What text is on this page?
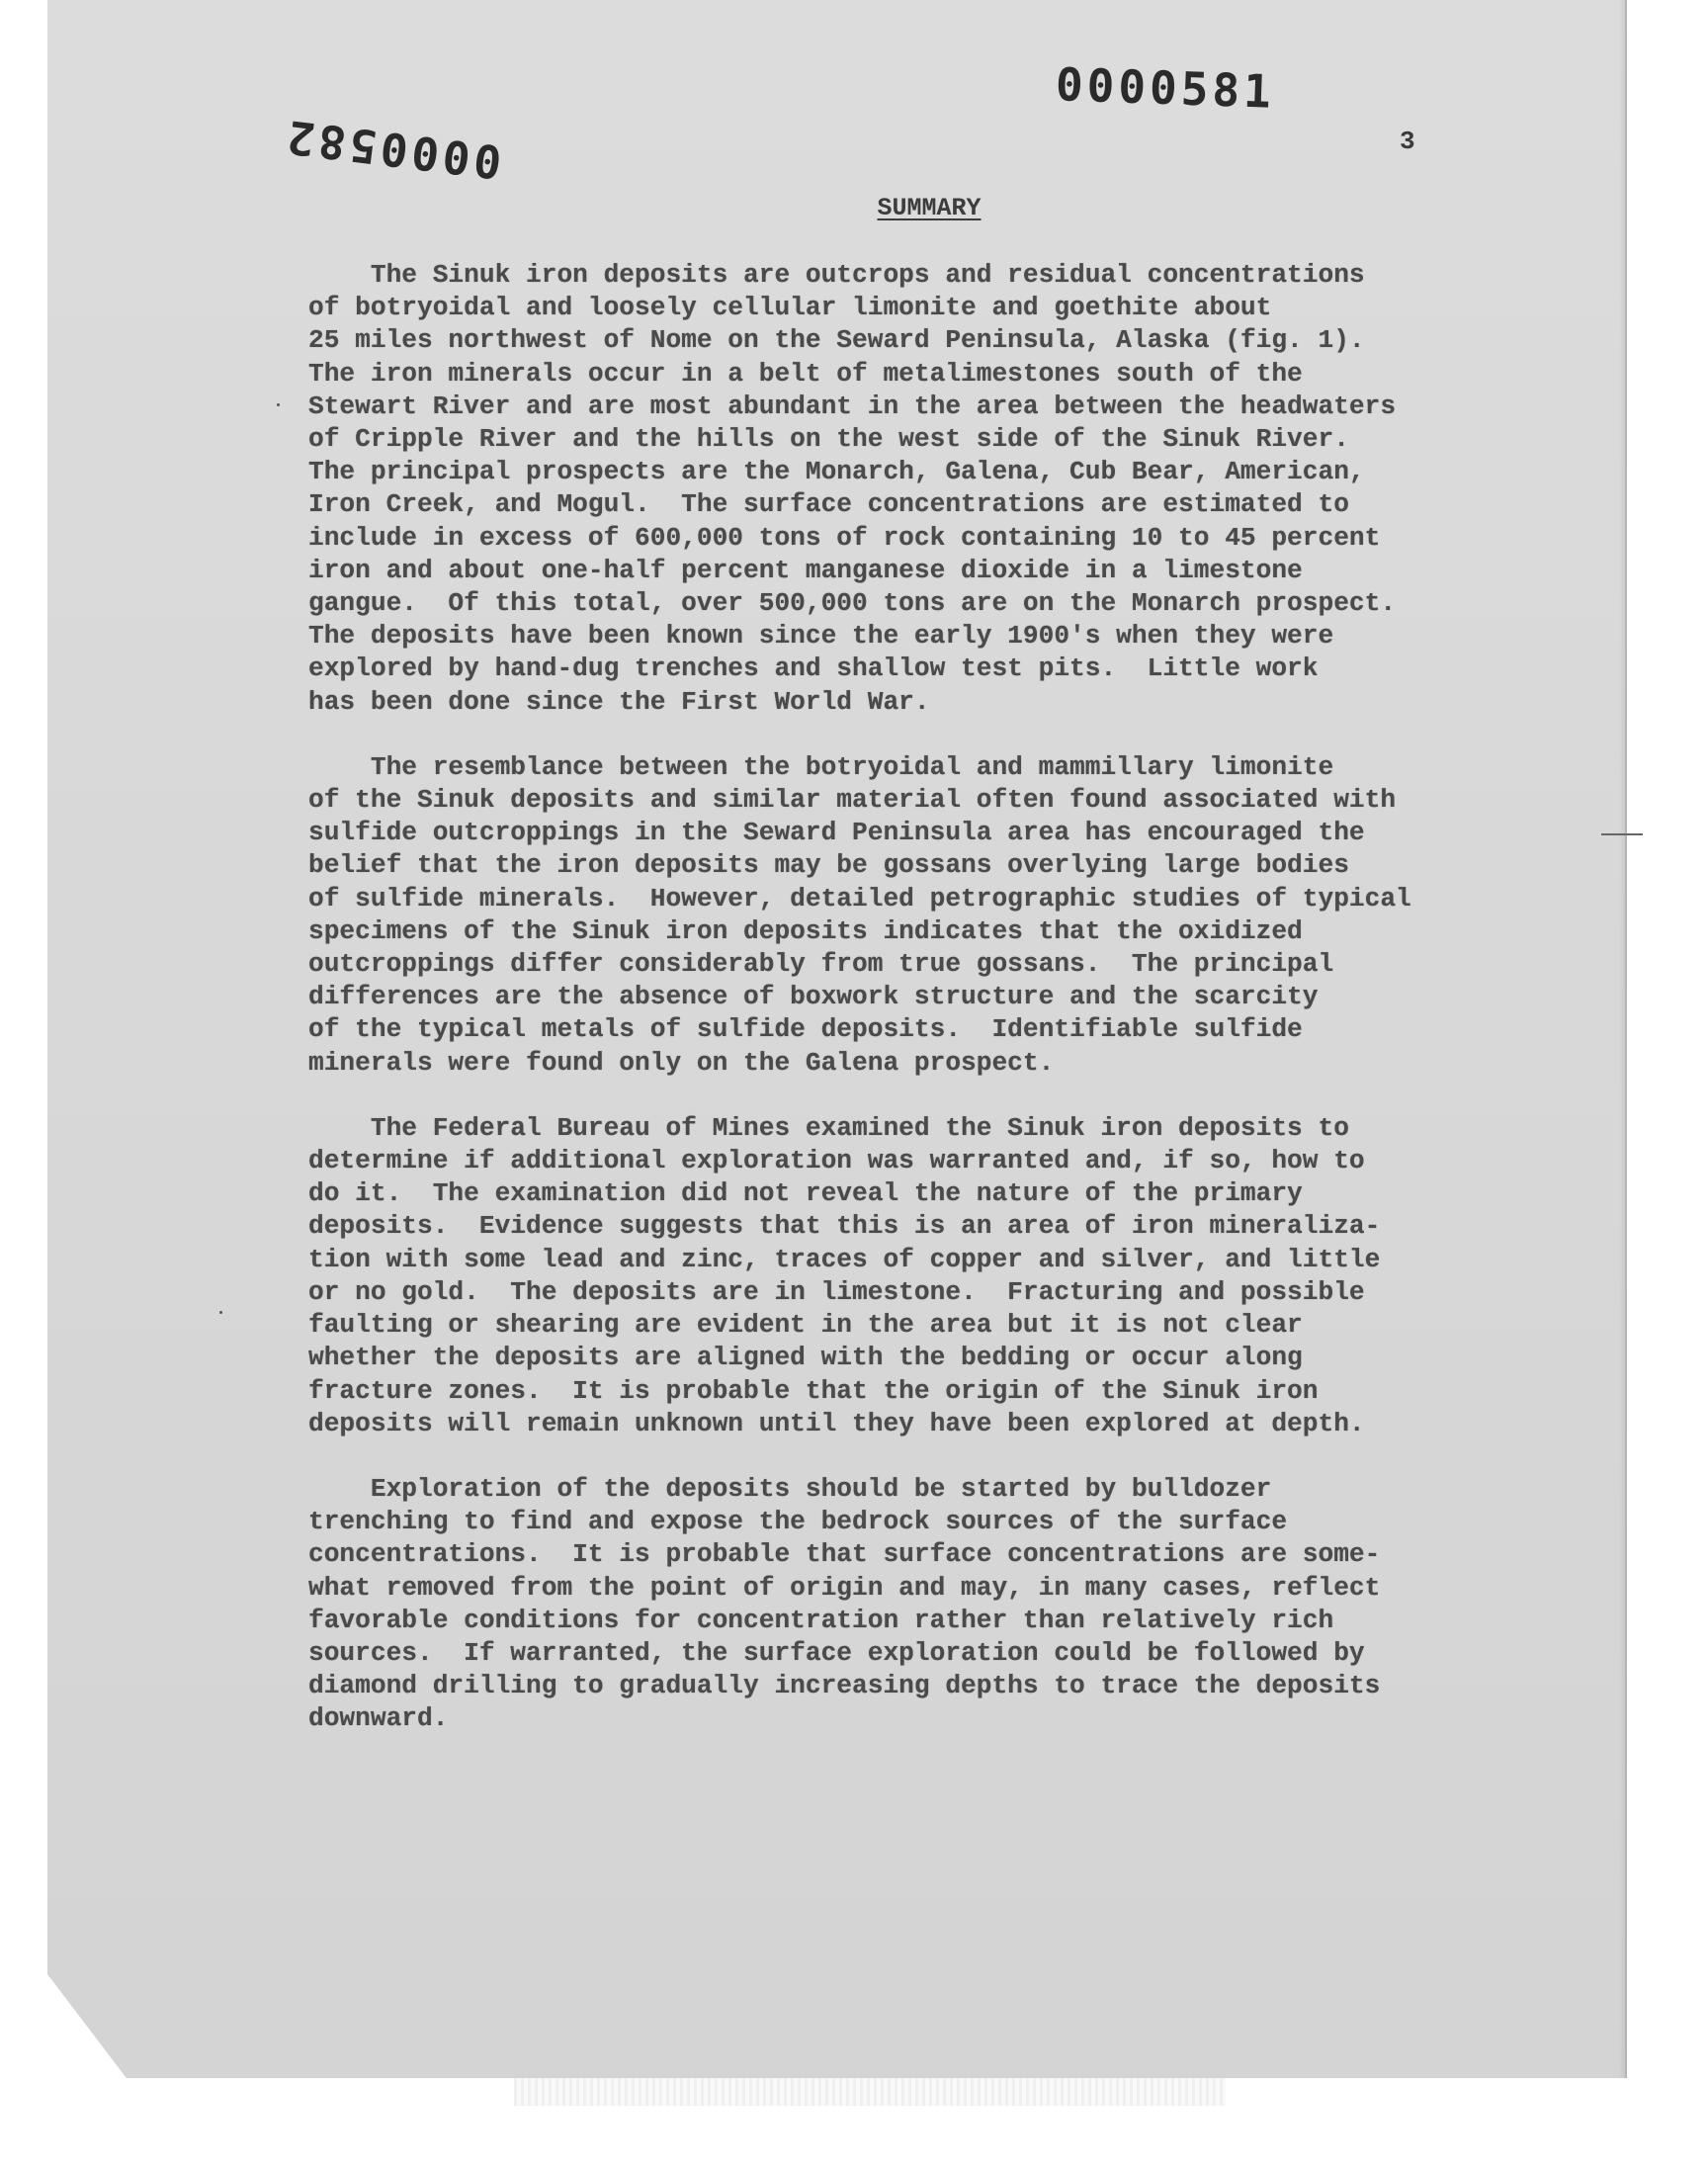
0000581
0000582	3
SUMMARY

The Sinuk iron deposits are outcrops and residual concentrations
of botryoidal and loosely cellular limonite and goethite about
25 miles northwest of Nome on the Seward Peninsula, Alaska (fig. 1).
The iron minerals occur in a belt of metalimestones south of the
Stewart River and are most abundant in the area between the headwaters
of Cripple River and the hills on the west side of the Sinuk River.
The principal prospects are the Monarch, Galena, Cub Bear, American,
Iron Creek, and Mogul.  The surface concentrations are estimated to
include in excess of 600,000 tons of rock containing 10 to 45 percent
iron and about one-half percent manganese dioxide in a limestone
gangue.  Of this total, over 500,000 tons are on the Monarch prospect.
The deposits have been known since the early 1900's when they were
explored by hand-dug trenches and shallow test pits.  Little work
has been done since the First World War.

The resemblance between the botryoidal and mammillary limonite
of the Sinuk deposits and similar material often found associated with
sulfide outcroppings in the Seward Peninsula area has encouraged the
belief that the iron deposits may be gossans overlying large bodies
of sulfide minerals.  However, detailed petrographic studies of typical
specimens of the Sinuk iron deposits indicates that the oxidized
outcroppings differ considerably from true gossans.  The principal
differences are the absence of boxwork structure and the scarcity
of the typical metals of sulfide deposits.  Identifiable sulfide
minerals were found only on the Galena prospect.

The Federal Bureau of Mines examined the Sinuk iron deposits to
determine if additional exploration was warranted and, if so, how to
do it.  The examination did not reveal the nature of the primary
deposits.  Evidence suggests that this is an area of iron mineraliza-
tion with some lead and zinc, traces of copper and silver, and little
or no gold.  The deposits are in limestone.  Fracturing and possible
faulting or shearing are evident in the area but it is not clear
whether the deposits are aligned with the bedding or occur along
fracture zones.  It is probable that the origin of the Sinuk iron
deposits will remain unknown until they have been explored at depth.

Exploration of the deposits should be started by bulldozer
trenching to find and expose the bedrock sources of the surface
concentrations.  It is probable that surface concentrations are some-
what removed from the point of origin and may, in many cases, reflect
favorable conditions for concentration rather than relatively rich
sources.  If warranted, the surface exploration could be followed by
diamond drilling to gradually increasing depths to trace the deposits
downward.
